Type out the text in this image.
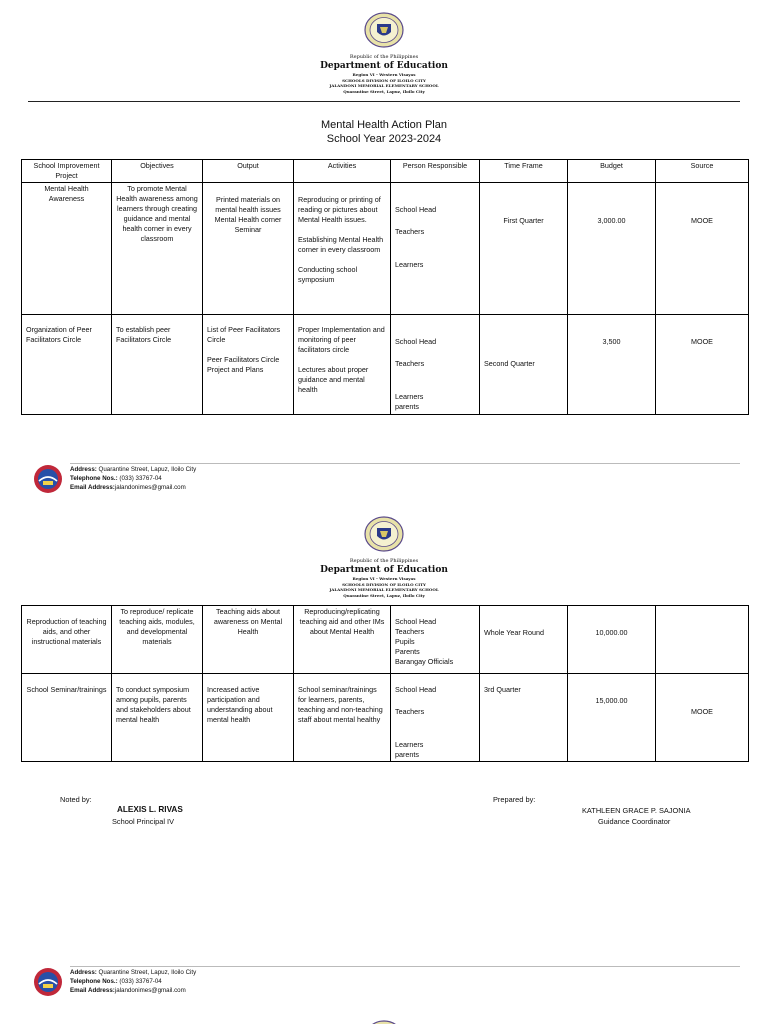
Republic of the Philippines
Department of Education
Region VI - Western Visayas
SCHOOLS DIVISION OF ILOILO CITY
JALANDONI MEMORIAL ELEMENTARY SCHOOL
Quarantine Street, Lapuz, Iloilo City
Mental Health Action Plan
School Year 2023-2024
School Improvement Project	Objectives	Output	Activities	Person Responsible	Time Frame	Budget	Source
Mental Health Awareness	To promote Mental Health awareness among learners through creating guidance and mental health corner in every classroom	Printed materials on mental health issues Mental Health corner Seminar	Reproducing or printing of reading or pictures about Mental Health issues.
Establishing Mental Health corner in every classroom
Conducting school symposium	School Head
Teachers
Learners	First Quarter	3,000.00	MOOE
Organization of Peer Facilitators Circle	To establish peer Facilitators Circle	List of Peer Facilitators Circle
Peer Facilitators Circle Project and Plans	Proper Implementation and monitoring of peer facilitators circle
Lectures about proper guidance and mental health	School Head
Teachers
Learners
parents	Second Quarter	3,500	MOOE
Address: Quarantine Street, Lapuz, Iloilo City
Telephone Nos.: (033) 33767-04
Email Address:jalandonimes@gmail.com
Republic of the Philippines
Department of Education
Region VI - Western Visayas
SCHOOLS DIVISION OF ILOILO CITY
JALANDONI MEMORIAL ELEMENTARY SCHOOL
Quarantine Street, Lapuz, Iloilo City
Reproduction of teaching aids, and other instructional materials	To reproduce/ replicate teaching aids, modules, and developmental materials	Teaching aids about awareness on Mental Health	Reproducing/replicating teaching aid and other IMs about Mental Health	School Head
Teachers
Pupils
Parents
Barangay Officials	Whole Year Round	10,000.00	
School Seminar/trainings	To conduct symposium among pupils, parents and stakeholders about mental health	Increased active participation and understanding about mental health	School seminar/trainings for learners, parents, teaching and non-teaching staff about mental healthy	School Head
Teachers
Learners
parents	3rd Quarter	15,000.00	MOOE
Noted by:
ALEXIS L. RIVAS
School Principal IV
Prepared by:
KATHLEEN GRACE P. SAJONIA
Guidance Coordinator
Address: Quarantine Street, Lapuz, Iloilo City
Telephone Nos.: (033) 33767-04
Email Address:jalandonimes@gmail.com
